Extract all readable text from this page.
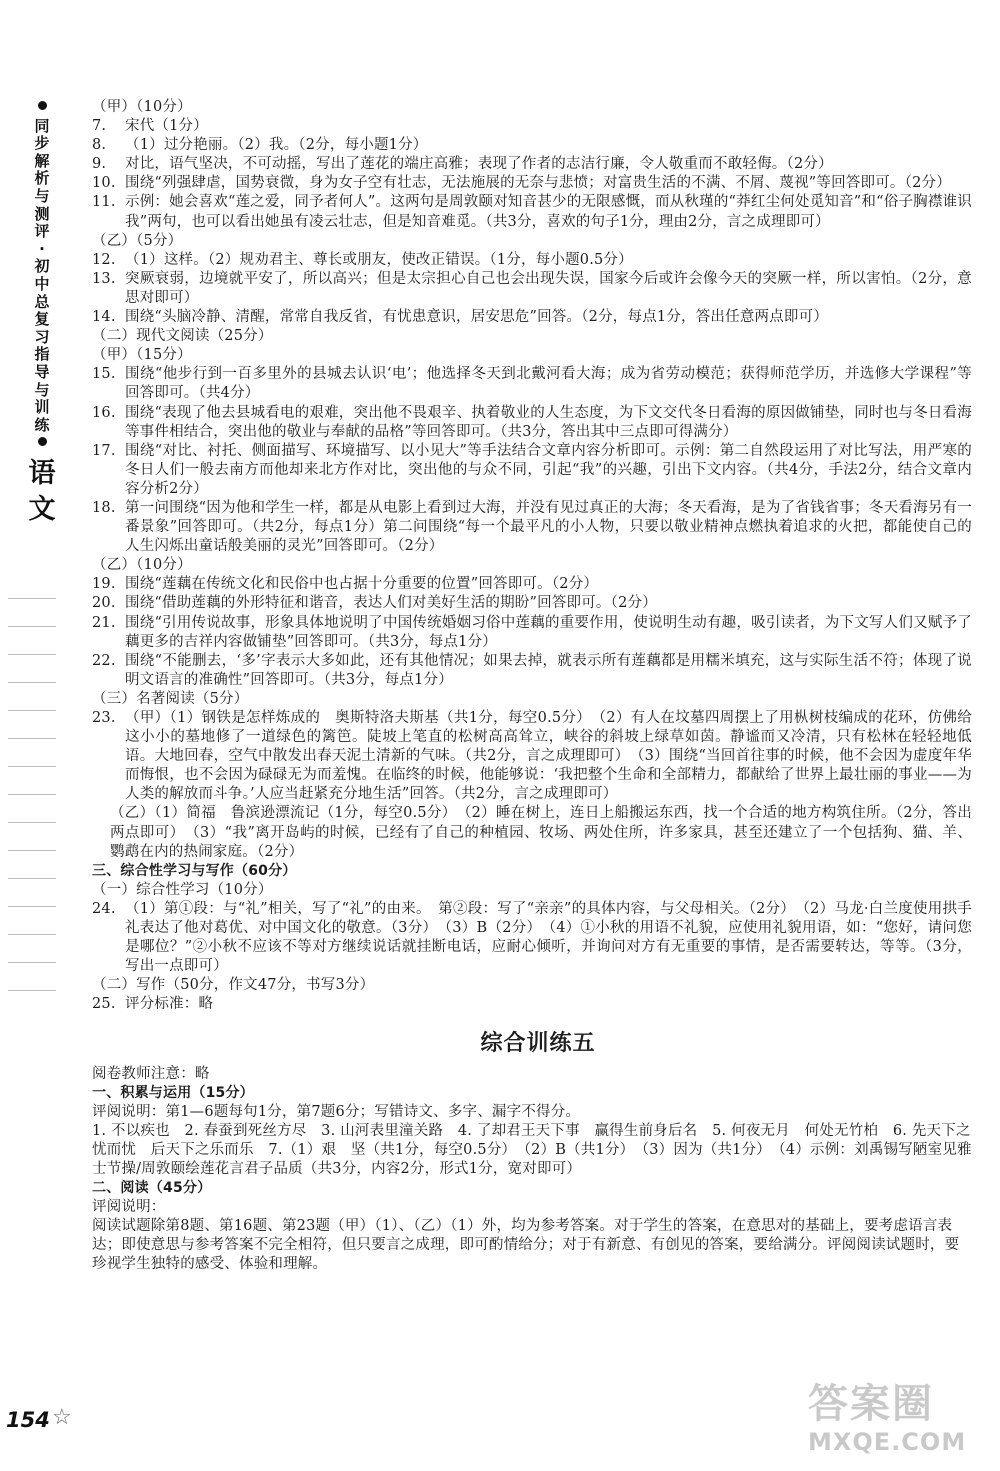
同步解析与测评·初中总复习指导与训练
语文
（甲）（10分）
7.	宋代（1分）
8.	（1）过分艳丽。（2）我。（2分，每小题1分）
9.	对比，语气坚决，不可动摇，写出了莲花的端庄高雅；表现了作者的志洁行廉，令人敬重而不敢轻侮。（2分）
10. 围绕“列强肆虐，国势衰微，身为女子空有壮志，无法施展的无奈与悲愤；对富贵生活的不满、不屑、蔑视”等回答即可。（2分）
11. 示例：她会喜欢“莲之爱，同予者何人”。这两句是周敦颐对知音甚少的无限感慨，而从秋瑾的“莽红尘何处觅知音”和“俗子胸襟谁识我”两句，也可以看出她虽有凌云壮志，但是知音难觅。（共3分，喜欢的句子1分，理由2分，言之成理即可）
（乙）（5分）
12. （1）这样。（2）规劝君主、尊长或朋友，使改正错误。（1分，每小题0.5分）
13. 突厥衰弱，边境就平安了，所以高兴；但是太宗担心自己也会出现失误，国家今后或许会像今天的突厥一样，所以害怕。（2分，意思对即可）
14. 围绕“头脑冷静、清醒，常常自我反省，有忧患意识，居安思危”回答。（2分，每点1分，答出任意两点即可）
（二）现代文阅读（25分）
（甲）（15分）
15. 围绕“他步行到一百多里外的县城去认识‘电’；他选择冬天到北戴河看大海；成为省劳动模范；获得师范学历，并选修大学课程”等回答即可。（共4分）
16. 围绕“表现了他去县城看电的艰难，突出他不畏艰辛、执着敬业的人生态度，为下文交代冬日看海的原因做铺垫，同时也与冬日看海等事件相结合，突出他的敬业与奉献的品格”等回答即可。（共3分，答出其中三点即可得满分）
17. 围绕“对比、衬托、侧面描写、环境描写、以小见大”等手法结合文章内容分析即可。示例：第二自然段运用了对比写法，用严寒的冬日人们一般去南方而他却来北方作对比，突出他的与众不同，引起“我”的兴趣，引出下文内容。（共4分，手法2分，结合文章内容分析2分）
18. 第一问围绕“因为他和学生一样，都是从电影上看到过大海，并没有见过真正的大海；冬天看海，是为了省钱省事；冬天看海另有一番景象”回答即可。（共2分，每点1分）第二问围绕“每一个最平凡的小人物，只要以敬业精神点燃执着追求的火把，都能使自己的人生闪烁出童话般美丽的灵光”回答即可。（2分）
（乙）（10分）
19. 围绕“莲藕在传统文化和民俗中也占据十分重要的位置”回答即可。（2分）
20. 围绕“借助莲藕的外形特征和谐音，表达人们对美好生活的期盼”回答即可。（2分）
21. 围绕“引用传说故事，形象具体地说明了中国传统婚姻习俗中莲藕的重要作用，使说明生动有趣，吸引读者，为下文写人们又赋予了藕更多的吉祥内容做铺垫”回答即可。（共3分，每点1分）
22. 围绕“不能删去，‘多’字表示大多如此，还有其他情况；如果去掉，就表示所有莲藕都是用糯米填充，这与实际生活不符；体现了说明文语言的准确性”回答即可。（共3分，每点1分）
（三）名著阅读（5分）
23. （甲）（1）钢铁是怎样炼成的　奥斯特洛夫斯基（共1分，每空0.5分）　（2）有人在坟墓四周摆上了用枞树枝编成的花环，仿佛给这小小的墓地修了一道绿色的篱笆。陡坡上笔直的松树高高耸立，峡谷的斜坡上绿草如茵。静谧而又冷清，只有松林在轻轻地低语。大地回春，空气中散发出春天泥土清新的气味。（共2分，言之成理即可）　（3）围绕“当回首往事的时候，他不会因为虚度年华而悔恨，也不会因为碌碌无为而羞愧。在临终的时候，他能够说：‘我把整个生命和全部精力，都献给了世界上最壮丽的事业——为人类的解放而斗争。’人应当赶紧充分地生活”回答。（共2分，言之成理即可）
（乙）（1）简福　鲁滨逊漂流记（1分，每空0.5分）　（2）睡在树上，连日上船搬运东西，找一个合适的地方构筑住所。（2分，答出两点即可）　（3）“我”离开岛屿的时候，已经有了自己的种植园、牧场、两处住所，许多家具，甚至还建立了一个包括狗、猫、羊、鹦鹉在内的热闹家庭。（2分）
三、综合性学习与写作（60分）
（一）综合性学习（10分）
24. （1）第①段：与“礼”相关，写了“礼”的由来。　第②段：写了“亲亲”的具体内容，与父母相关。（2分）　（2）马龙·白兰度使用拱手礼表达了他对葛优、对中国文化的敬意。（3分）　（3）B（2分）　（4）①小秋的用语不礼貌，应使用礼貌用语，如：“您好，请问您是哪位？”②小秋不应该不等对方继续说话就挂断电话，应耐心倾听，并询问对方有无重要的事情，是否需要转达，等等。（3分，写出一点即可）
（二）写作（50分，作文47分，书写3分）
25. 评分标准：略
综合训练五
阅卷教师注意：略
一、积累与运用（15分）
评阅说明：第1—6题每句1分，第7题6分；写错诗文、多字、漏字不得分。
1. 不以疾也　2. 春蚕到死丝方尽　3. 山河表里潼关路　4. 了却君王天下事　赢得生前身后名　5. 何夜无月　何处无竹柏　6. 先天下之忧而忧　后天下之乐而乐　7.（1）艰　坚（共1分，每空0.5分）　（2）B（共1分）　（3）因为（共1分）　（4）示例：刘禹锡写陋室见雅士节操/周敦颐绘莲花言君子品质（共3分，内容2分，形式1分，宽对即可）
二、阅读（45分）
评阅说明：
阅读试题除第8题、第16题、第23题（甲）（1）、（乙）（1）外，均为参考答案。对于学生的答案，在意思对的基础上，要考虑语言表达；即使意思与参考答案不完全相符，但只要言之成理，即可酌情给分；对于有新意、有创见的答案，要给满分。评阅阅读试题时，要珍视学生独特的感受、体验和理解。
154 ☆	答案圈
MXQE.COM
